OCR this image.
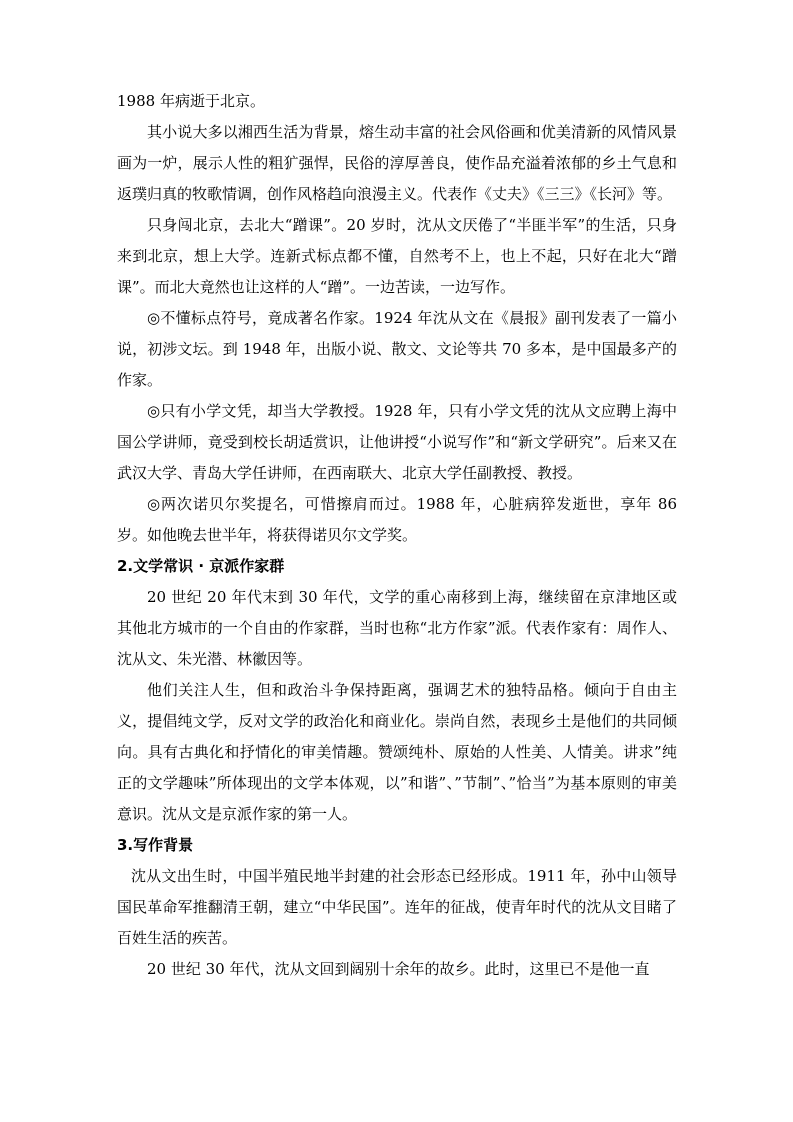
1988 年病逝于北京。

其小说大多以湘西生活为背景，熔生动丰富的社会风俗画和优美清新的风情风景画为一炉，展示人性的粗犷强悍，民俗的淳厚善良，使作品充溢着浓郁的乡土气息和返璞归真的牧歌情调，创作风格趋向浪漫主义。代表作《丈夫》《三三》《长河》等。

只身闯北京，去北大“蹭课”。20 岁时，沈从文厌倦了“半匪半军”的生活，只身来到北京，想上大学。连新式标点都不懂，自然考不上，也上不起，只好在北大“蹭课”。而北大竟然也让这样的人“蹭”。一边苦读，一边写作。

◎不懂标点符号，竟成著名作家。1924 年沈从文在《晨报》副刊发表了一篇小说，初涉文坛。到 1948 年，出版小说、散文、文论等共 70 多本，是中国最多产的作家。

◎只有小学文凭，却当大学教授。1928 年，只有小学文凭的沈从文应聘上海中国公学讲师，竟受到校长胡适赏识，让他讲授“小说写作”和“新文学研究”。后来又在武汉大学、青岛大学任讲师，在西南联大、北京大学任副教授、教授。

◎两次诺贝尔奖提名，可惜擦肩而过。1988 年，心脏病猝发逝世，享年 86 岁。如他晚去世半年，将获得诺贝尔文学奖。

2.文学常识 · 京派作家群

20 世纪 20 年代末到 30 年代，文学的重心南移到上海，继续留在京津地区或其他北方城市的一个自由的作家群，当时也称“北方作家”派。代表作家有：周作人、沈从文、朱光潜、林徽因等。

他们关注人生，但和政治斗争保持距离，强调艺术的独特品格。倾向于自由主义，提倡纯文学，反对文学的政治化和商业化。崇尚自然，表现乡土是他们的共同倾向。具有古典化和抒情化的审美情趣。赞颂纯朴、原始的人性美、人情美。讲求”纯正的文学趣味”所体现出的文学本体观，以”和谐”、”节制”、”恰当”为基本原则的审美意识。沈从文是京派作家的第一人。

3.写作背景

沈从文出生时，中国半殖民地半封建的社会形态已经形成。1911 年，孙中山领导国民革命军推翻清王朝，建立“中华民国”。连年的征战，使青年时代的沈从文目睹了百姓生活的疾苦。

20 世纪 30 年代，沈从文回到阔别十余年的故乡。此时，这里已不是他一直
